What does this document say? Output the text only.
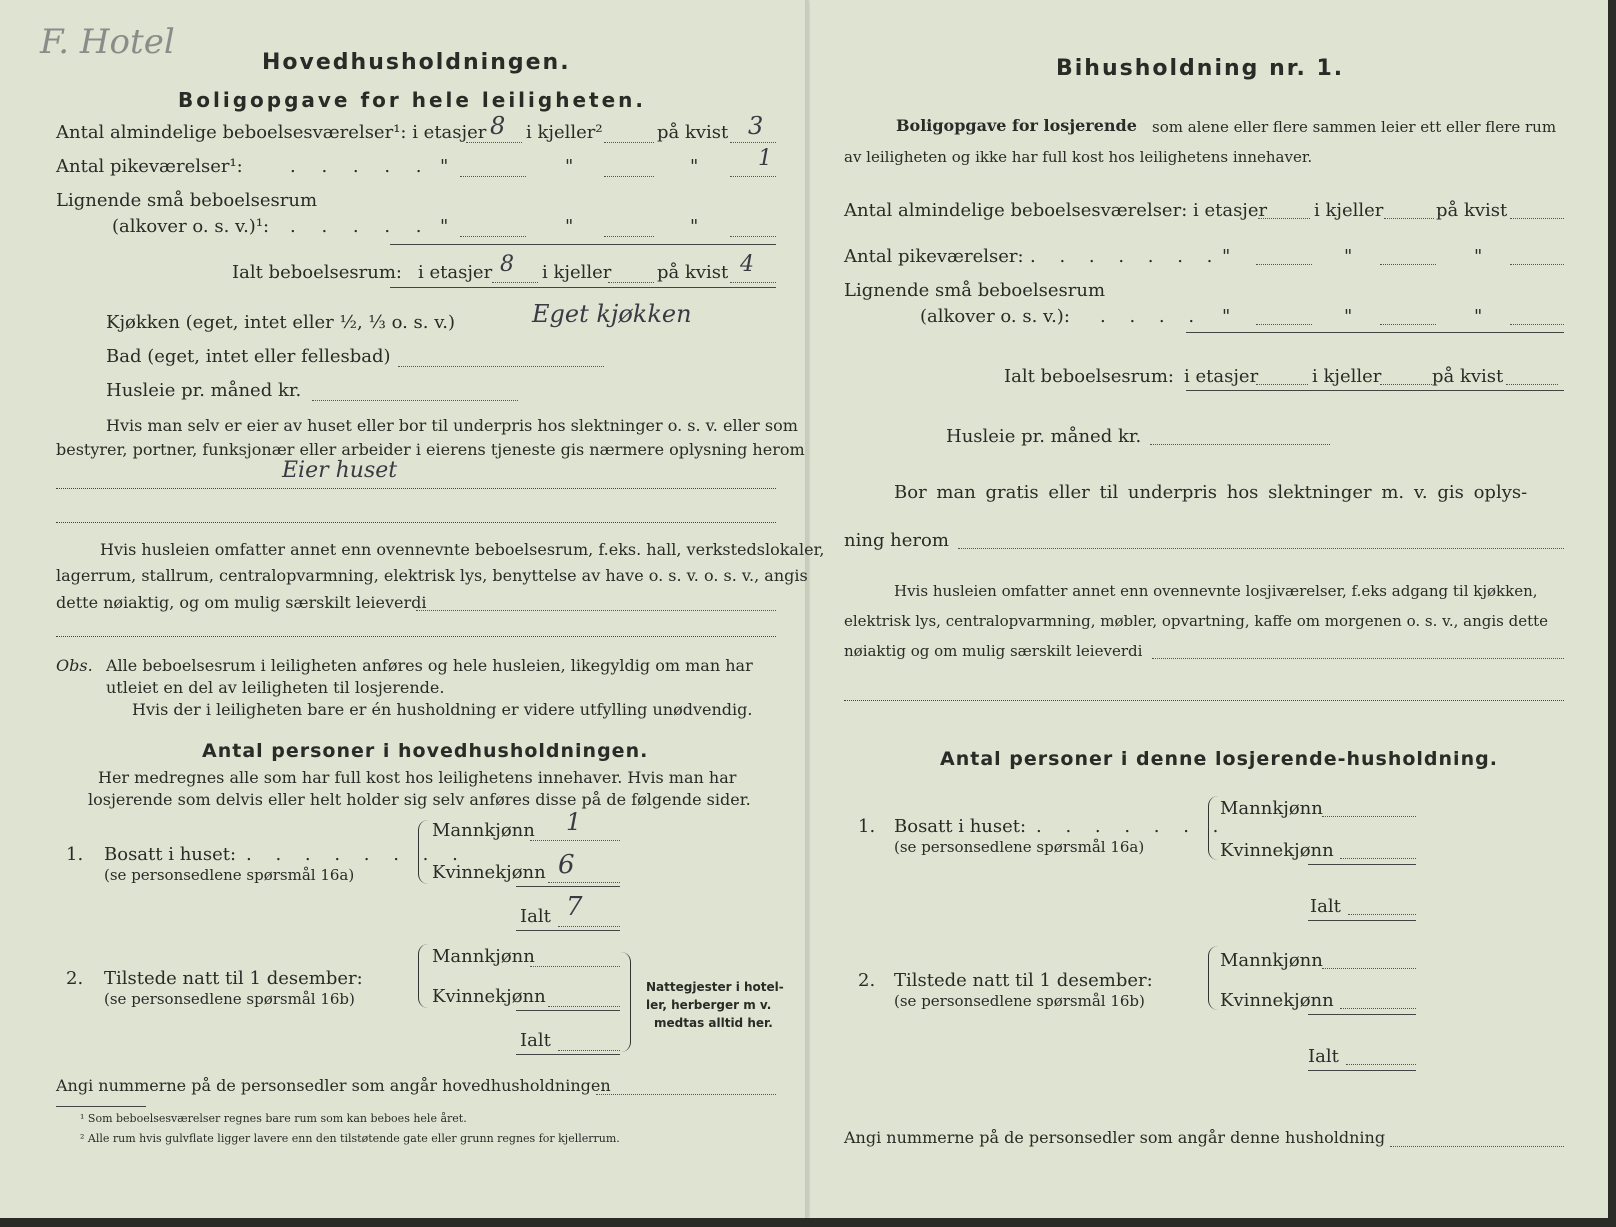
F. Hotel
Hovedhusholdningen.
Boligopgave for hele leiligheten.
Antal almindelige beboelsesværelser¹: i etasjer 8 i kjeller²	på kvist 3
Antal pikeværelser¹:	. . . . . "	"	"	1
Lignende små beboelsesrum
(alkover o. s. v.)¹: . . . . . "	"	"
Ialt beboelsesrum: i etasjer 8 i kjeller	på kvist 4
Kjøkken (eget, intet eller ½, ⅓ o. s. v.)	Eget kjøkken
Bad (eget, intet eller fellesbad)
Husleie pr. måned kr.
Hvis man selv er eier av huset eller bor til underpris hos slektninger o. s. v. eller som
bestyrer, portner, funksjonær eller arbeider i eierens tjeneste gis nærmere oplysning herom
Eier huset
Hvis husleien omfatter annet enn ovennevnte beboelsesrum, f.eks. hall, verkstedslokaler,
lagerrum, stallrum, centralopvarmning, elektrisk lys, benyttelse av have o. s. v. o. s. v., angis
dette nøiaktig, og om mulig særskilt leieverdi
Obs. Alle beboelsesrum i leiligheten anføres og hele husleien, likegyldig om man har
utleiet en del av leiligheten til losjerende.
Hvis der i leiligheten bare er én husholdning er videre utfylling unødvendig.
Antal personer i hovedhusholdningen.
Her medregnes alle som har full kost hos leilighetens innehaver. Hvis man har
losjerende som delvis eller helt holder sig selv anføres disse på de følgende sider.
1. Bosatt i huset: . . . . . . . .
(se personsedlene spørsmål 16a)
Mannkjønn 1
Kvinnekjønn 6
Ialt 7
2. Tilstede natt til 1 desember:
(se personsedlene spørsmål 16b)
Mannkjønn
Kvinnekjønn
Ialt
Nattegjester i hotel-
ler, herberger m v.
medtas alltid her.
Angi nummerne på de personsedler som angår hovedhusholdningen
¹ Som beboelsesværelser regnes bare rum som kan beboes hele året.
² Alle rum hvis gulvflate ligger lavere enn den tilstøtende gate eller grunn regnes for kjellerrum.
Bihusholdning nr. 1.
Boligopgave for losjerende som alene eller flere sammen leier ett eller flere rum
av leiligheten og ikke har full kost hos leilighetens innehaver.
Antal almindelige beboelsesværelser: i etasjer	i kjeller	på kvist
Antal pikeværelser: . . . . . . . "	"	"
Lignende små beboelsesrum
(alkover o. s. v.): . . . . "	"	"
Ialt beboelsesrum: i etasjer	i kjeller	på kvist
Husleie pr. måned kr.
Bor man gratis eller til underpris hos slektninger m. v. gis oplys-
ning herom
Hvis husleien omfatter annet enn ovennevnte losjiværelser, f.eks adgang til kjøkken,
elektrisk lys, centralopvarmning, møbler, opvartning, kaffe om morgenen o. s. v., angis dette
nøiaktig og om mulig særskilt leieverdi
Antal personer i denne losjerende-husholdning.
1. Bosatt i huset: . . . . . . .
(se personsedlene spørsmål 16a)
Mannkjønn
Kvinnekjønn
Ialt
2. Tilstede natt til 1 desember:
(se personsedlene spørsmål 16b)
Mannkjønn
Kvinnekjønn
Ialt
Angi nummerne på de personsedler som angår denne husholdning
